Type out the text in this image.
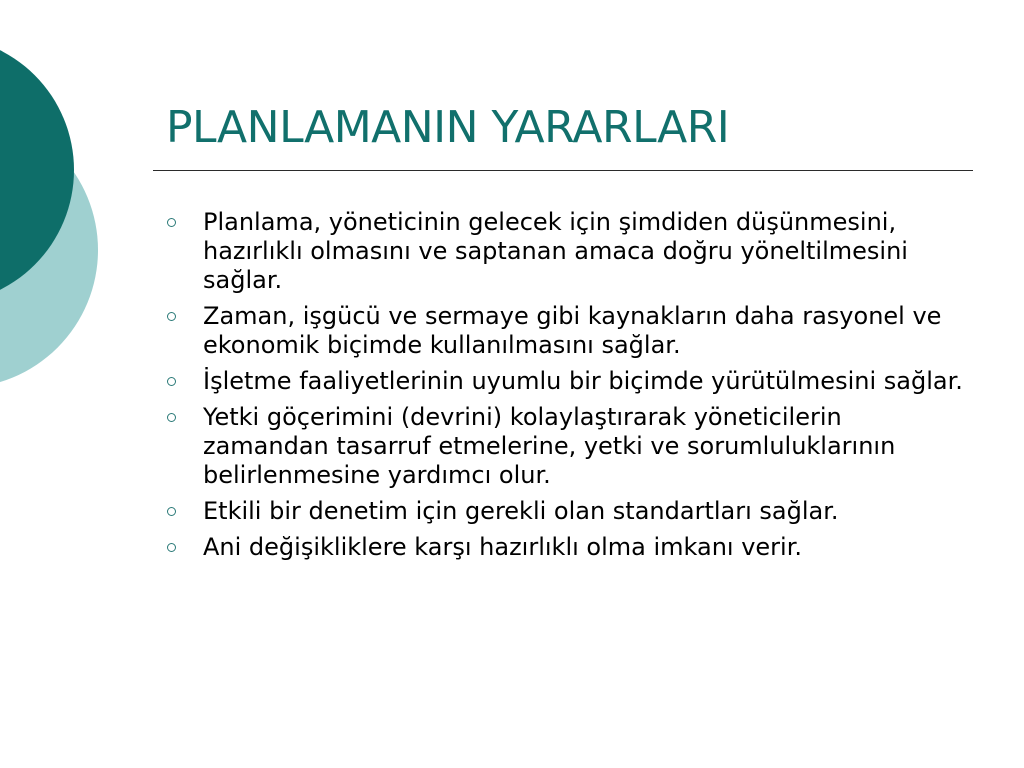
PLANLAMANIN YARARLARI
Planlama, yöneticinin gelecek için şimdiden düşünmesini, hazırlıklı olmasını ve saptanan amaca doğru yöneltilmesini sağlar.
Zaman, işgücü ve sermaye gibi kaynakların daha rasyonel ve ekonomik biçimde kullanılmasını sağlar.
İşletme faaliyetlerinin uyumlu bir biçimde yürütülmesini sağlar.
Yetki göçerimini (devrini) kolaylaştırarak yöneticilerin zamandan tasarruf etmelerine, yetki ve sorumluluklarının belirlenmesine yardımcı olur.
Etkili bir denetim için gerekli olan standartları sağlar.
Ani değişikliklere karşı hazırlıklı olma imkanı verir.
